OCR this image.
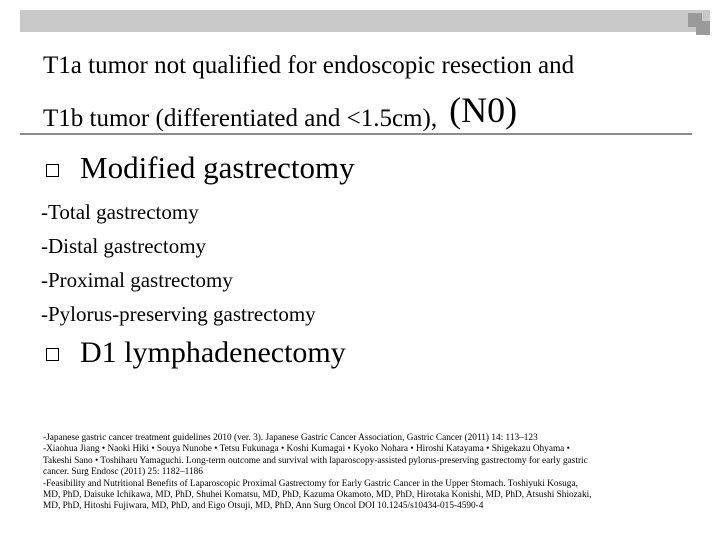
T1a tumor not qualified for endoscopic resection and
T1b tumor (differentiated and <1.5cm), (N0)
Modified gastrectomy
-Total gastrectomy
-Distal gastrectomy
-Proximal gastrectomy
-Pylorus-preserving gastrectomy
D1 lymphadenectomy
-Japanese gastric cancer treatment guidelines 2010 (ver. 3). Japanese Gastric Cancer Association, Gastric Cancer (2011) 14: 113–123
-Xiaohua Jiang • Naoki Hiki • Souya Nunobe • Tetsu Fukunaga • Koshi Kumagai • Kyoko Nohara • Hiroshi Katayama • Shigekazu Ohyama •
Takeshi Sano • Toshiharu Yamaguchi. Long-term outcome and survival with laparoscopy-assisted pylorus-preserving gastrectomy for early gastric
cancer. Surg Endosc (2011) 25: 1182–1186
-Feasibility and Nutritional Benefits of Laparoscopic Proximal Gastrectomy for Early Gastric Cancer in the Upper Stomach. Toshiyuki Kosuga,
MD, PhD, Daisuke Ichikawa, MD, PhD, Shuhei Komatsu, MD, PhD, Kazuma Okamoto, MD, PhD, Hirotaka Konishi, MD, PhD, Atsushi Shiozaki,
MD, PhD, Hitoshi Fujiwara, MD, PhD, and Eigo Otsuji, MD, PhD, Ann Surg Oncol DOI 10.1245/s10434-015-4590-4
